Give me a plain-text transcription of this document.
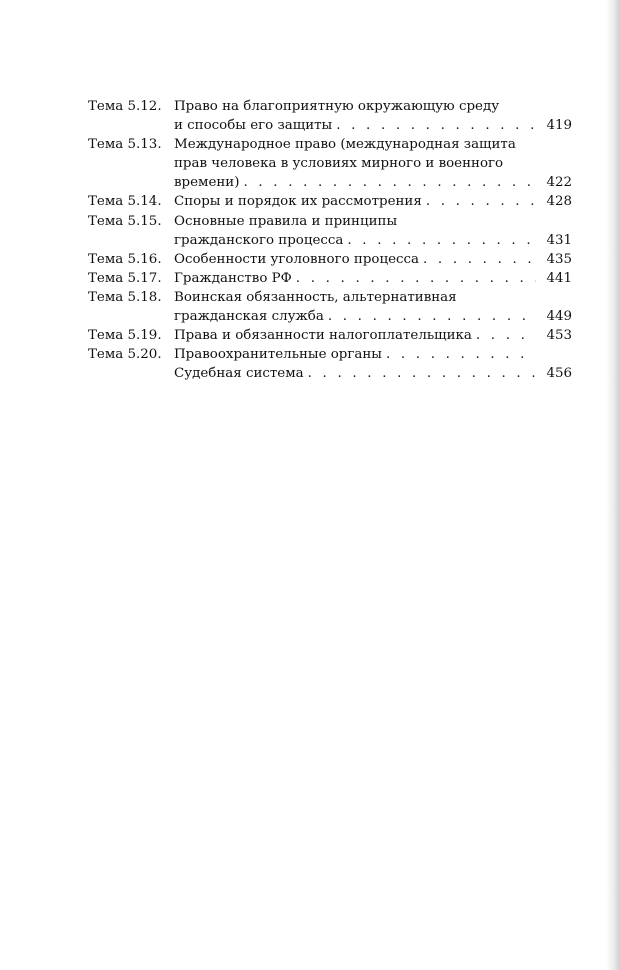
Тема 5.12. Право на благоприятную окружающую среду
и способы его защиты . . .	419
Тема 5.13. Международное право (международная защита
прав человека в условиях мирного и военного
времени) . . .	422
Тема 5.14. Споры и порядок их рассмотрения . . .	428
Тема 5.15. Основные правила и принципы
гражданского процесса . . .	431
Тема 5.16. Особенности уголовного процесса . . .	435
Тема 5.17. Гражданство РФ . . .	441
Тема 5.18. Воинская обязанность, альтернативная
гражданская служба . . .	449
Тема 5.19. Права и обязанности налогоплательщика . . .	453
Тема 5.20. Правоохранительные органы
. . .
Судебная система . . .	456
